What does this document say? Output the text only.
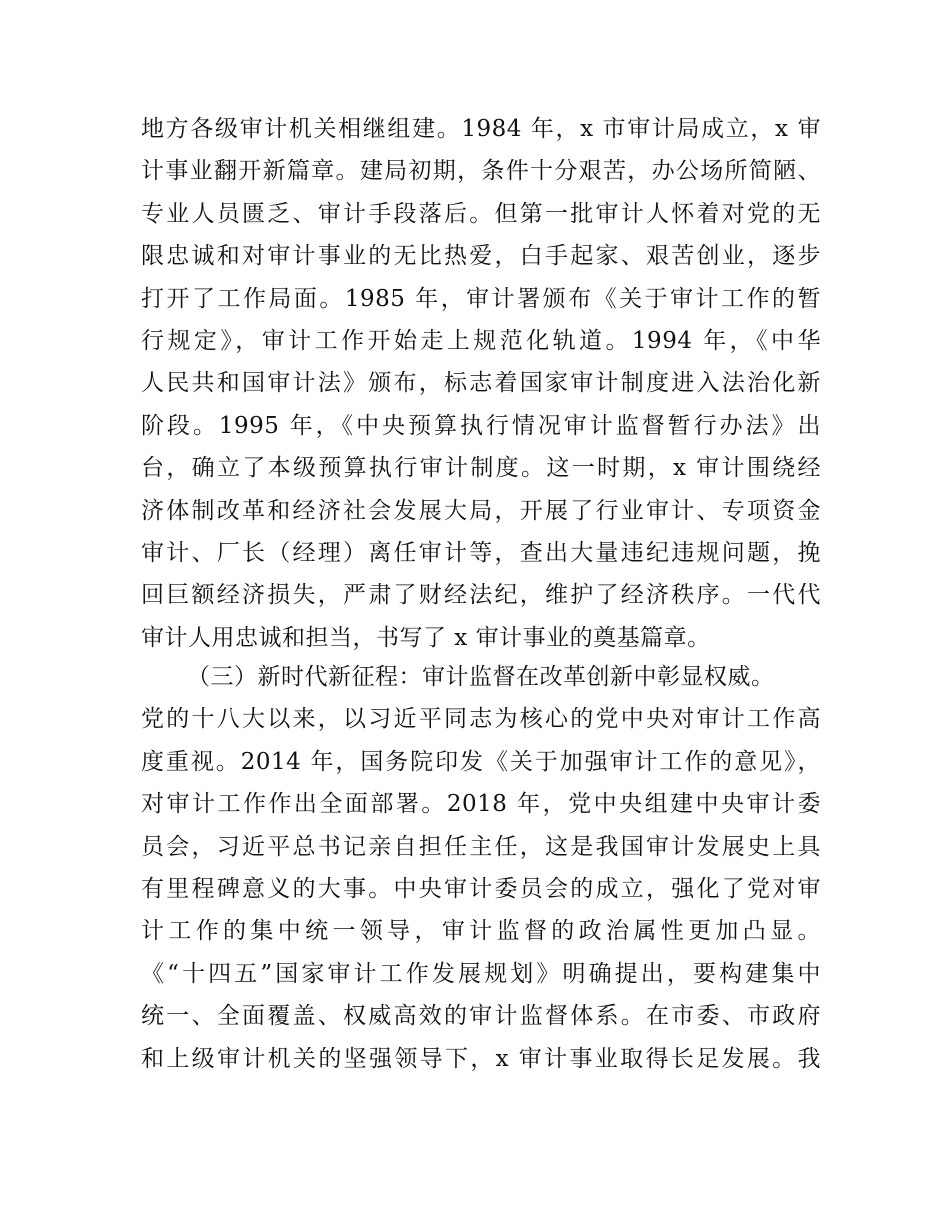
地方各级审计机关相继组建。1984 年，x 市审计局成立，x 审
计事业翻开新篇章。建局初期，条件十分艰苦，办公场所简陋、
专业人员匮乏、审计手段落后。但第一批审计人怀着对党的无
限忠诚和对审计事业的无比热爱，白手起家、艰苦创业，逐步
打开了工作局面。1985 年，审计署颁布《关于审计工作的暂
行规定》，审计工作开始走上规范化轨道。1994 年，《中华
人民共和国审计法》颁布，标志着国家审计制度进入法治化新
阶段。1995 年，《中央预算执行情况审计监督暂行办法》出
台，确立了本级预算执行审计制度。这一时期，x 审计围绕经
济体制改革和经济社会发展大局，开展了行业审计、专项资金
审计、厂长（经理）离任审计等，查出大量违纪违规问题，挽
回巨额经济损失，严肃了财经法纪，维护了经济秩序。一代代
审计人用忠诚和担当，书写了 x 审计事业的奠基篇章。
（三）新时代新征程：审计监督在改革创新中彰显权威。
党的十八大以来，以习近平同志为核心的党中央对审计工作高
度重视。2014 年，国务院印发《关于加强审计工作的意见》，
对审计工作作出全面部署。2018 年，党中央组建中央审计委
员会，习近平总书记亲自担任主任，这是我国审计发展史上具
有里程碑意义的大事。中央审计委员会的成立，强化了党对审
计工作的集中统一领导，审计监督的政治属性更加凸显。
《“十四五”国家审计工作发展规划》明确提出，要构建集中
统一、全面覆盖、权威高效的审计监督体系。在市委、市政府
和上级审计机关的坚强领导下，x 审计事业取得长足发展。我
